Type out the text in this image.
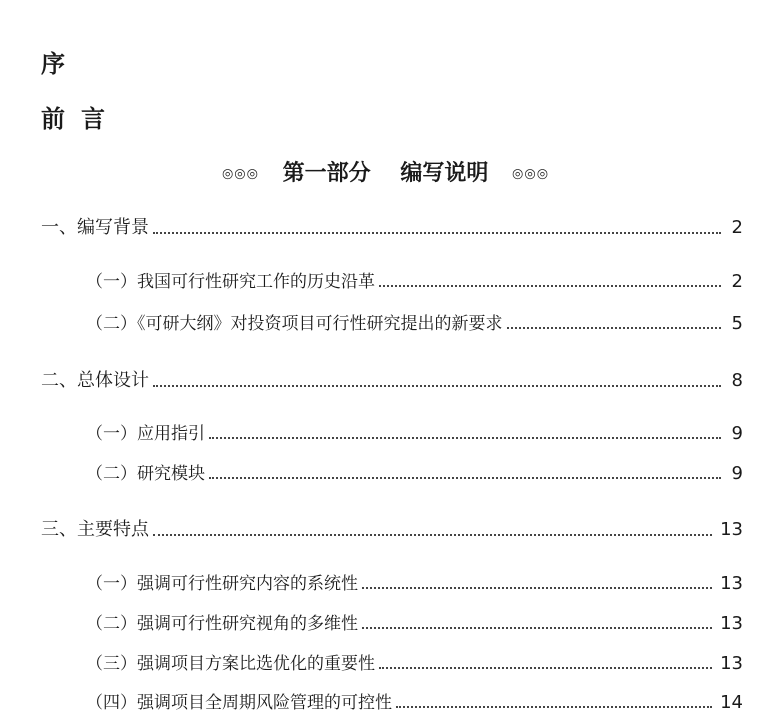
序
前言
◎◎◎ 第一部分 编写说明 ◎◎◎
一、编写背景	2
（一）我国可行性研究工作的历史沿革	2
（二）《可研大纲》对投资项目可行性研究提出的新要求	5
二、总体设计	8
（一）应用指引	9
（二）研究模块	9
三、主要特点	13
（一）强调可行性研究内容的系统性	13
（二）强调可行性研究视角的多维性	13
（三）强调项目方案比选优化的重要性	13
（四）强调项目全周期风险管理的可控性	14
